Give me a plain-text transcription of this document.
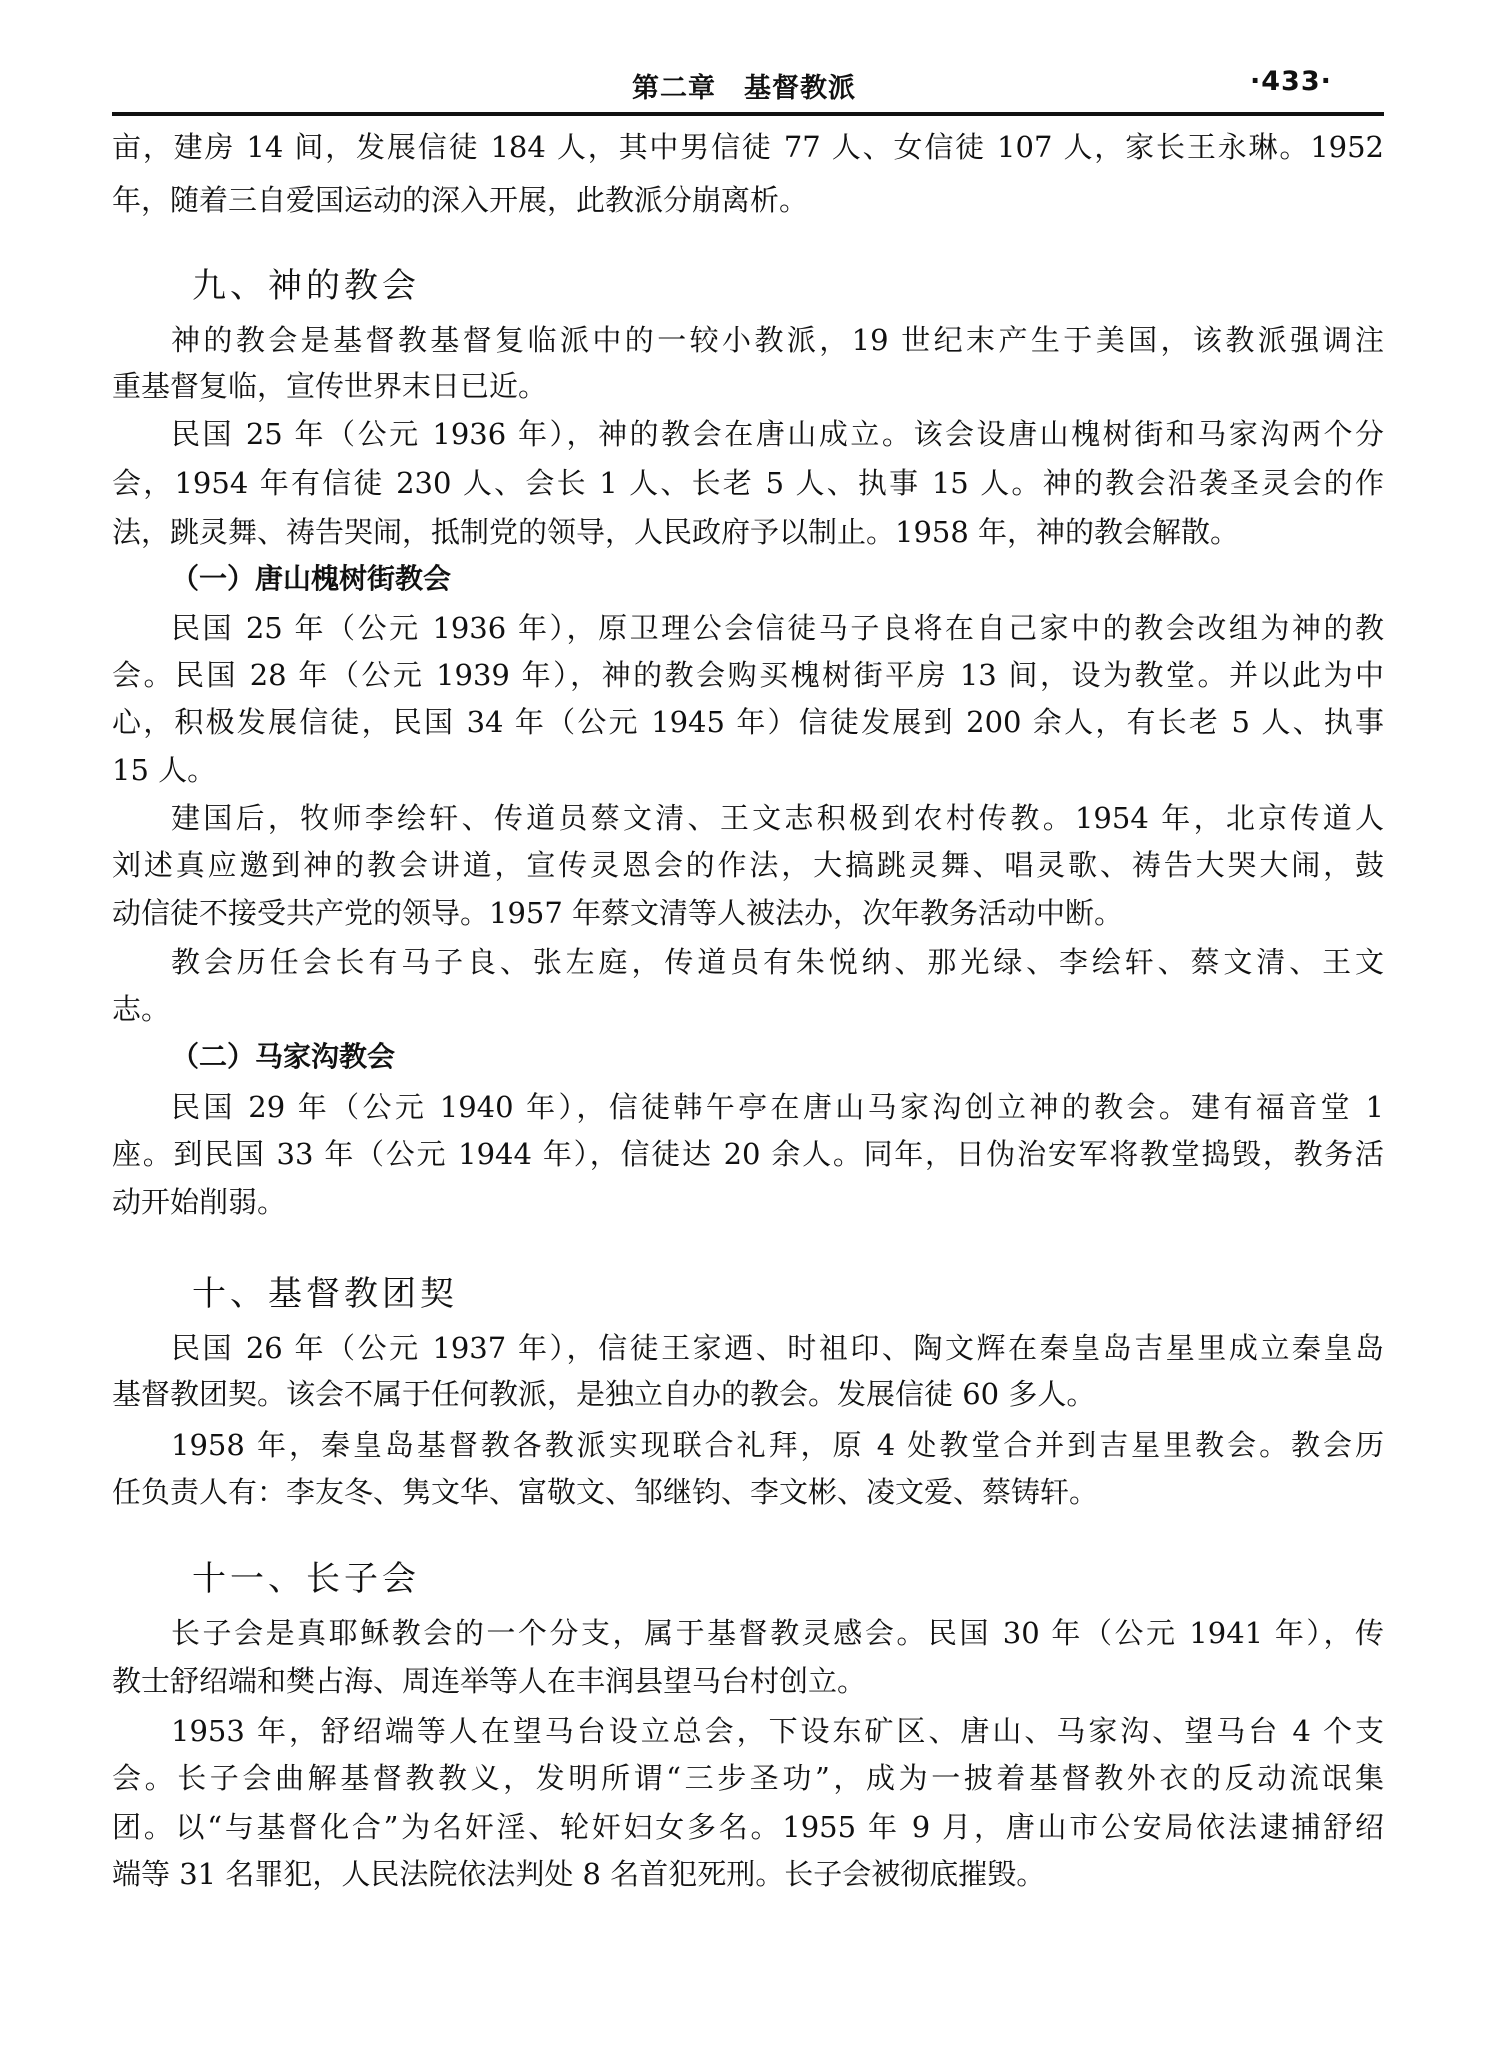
第二章　基督教派	·433·
亩，建房 14 间，发展信徒 184 人，其中男信徒 77 人、女信徒 107 人，家长王永琳。1952
年，随着三自爱国运动的深入开展，此教派分崩离析。
九、神的教会
神的教会是基督教基督复临派中的一较小教派，19 世纪末产生于美国，该教派强调注
重基督复临，宣传世界末日已近。
民国 25 年（公元 1936 年），神的教会在唐山成立。该会设唐山槐树街和马家沟两个分
会，1954 年有信徒 230 人、会长 1 人、长老 5 人、执事 15 人。神的教会沿袭圣灵会的作
法，跳灵舞、祷告哭闹，抵制党的领导，人民政府予以制止。1958 年，神的教会解散。
（一）唐山槐树街教会
民国 25 年（公元 1936 年），原卫理公会信徒马子良将在自己家中的教会改组为神的教
会。民国 28 年（公元 1939 年），神的教会购买槐树街平房 13 间，设为教堂。并以此为中
心，积极发展信徒，民国 34 年（公元 1945 年）信徒发展到 200 余人，有长老 5 人、执事
15 人。
建国后，牧师李绘轩、传道员蔡文清、王文志积极到农村传教。1954 年，北京传道人
刘述真应邀到神的教会讲道，宣传灵恩会的作法，大搞跳灵舞、唱灵歌、祷告大哭大闹，鼓
动信徒不接受共产党的领导。1957 年蔡文清等人被法办，次年教务活动中断。
教会历任会长有马子良、张左庭，传道员有朱悦纳、那光绿、李绘轩、蔡文清、王文
志。
（二）马家沟教会
民国 29 年（公元 1940 年），信徒韩午亭在唐山马家沟创立神的教会。建有福音堂 1
座。到民国 33 年（公元 1944 年），信徒达 20 余人。同年，日伪治安军将教堂捣毁，教务活
动开始削弱。
十、基督教团契
民国 26 年（公元 1937 年），信徒王家迺、时祖印、陶文辉在秦皇岛吉星里成立秦皇岛
基督教团契。该会不属于任何教派，是独立自办的教会。发展信徒 60 多人。
1958 年，秦皇岛基督教各教派实现联合礼拜，原 4 处教堂合并到吉星里教会。教会历
任负责人有：李友冬、隽文华、富敬文、邹继钧、李文彬、凌文爱、蔡铸轩。
十一、长子会
长子会是真耶稣教会的一个分支，属于基督教灵感会。民国 30 年（公元 1941 年），传
教士舒绍端和樊占海、周连举等人在丰润县望马台村创立。
1953 年，舒绍端等人在望马台设立总会，下设东矿区、唐山、马家沟、望马台 4 个支
会。长子会曲解基督教教义，发明所谓“三步圣功”，成为一披着基督教外衣的反动流氓集
团。以“与基督化合”为名奸淫、轮奸妇女多名。1955 年 9 月，唐山市公安局依法逮捕舒绍
端等 31 名罪犯，人民法院依法判处 8 名首犯死刑。长子会被彻底摧毁。
